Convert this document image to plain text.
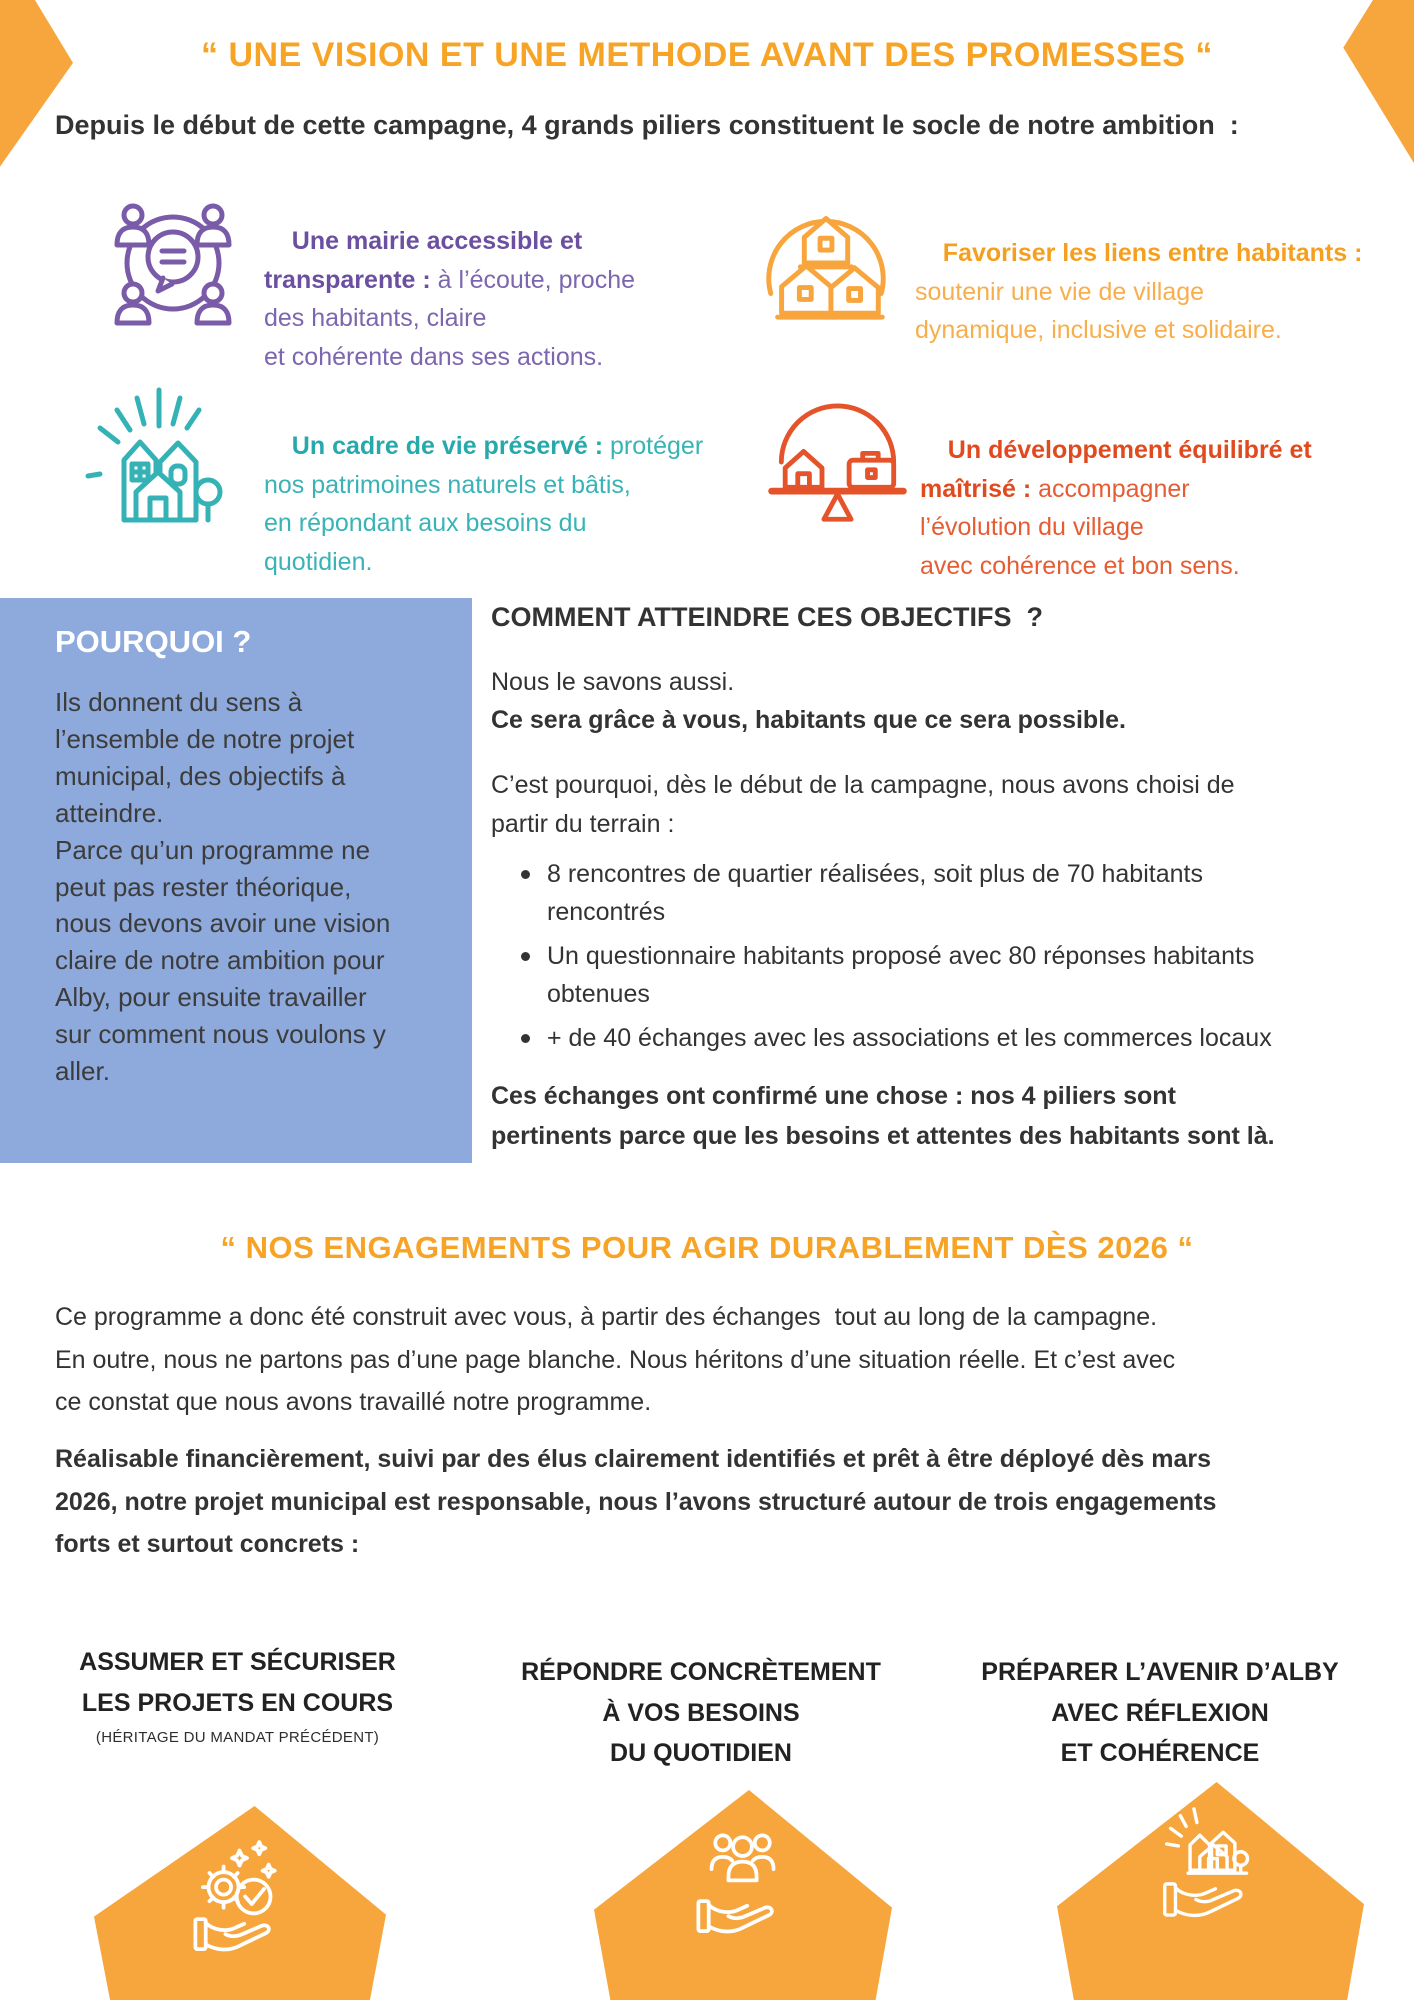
“ UNE VISION ET UNE METHODE AVANT DES PROMESSES “
Depuis le début de cette campagne, 4 grands piliers constituent le socle de notre ambition  :

Une mairie accessible et
transparente : à l’écoute, proche
des habitants, claire
et cohérente dans ses actions.

Favoriser les liens entre habitants :
soutenir une vie de village
dynamique, inclusive et solidaire.

Un cadre de vie préservé : protéger
nos patrimoines naturels et bâtis,
en répondant aux besoins du
quotidien.

Un développement équilibré et
maîtrisé : accompagner
l’évolution du village
avec cohérence et bon sens.

POURQUOI ?

Ils donnent du sens à
l’ensemble de notre projet
municipal, des objectifs à
atteindre.
Parce qu’un programme ne
peut pas rester théorique,
nous devons avoir une vision
claire de notre ambition pour
Alby, pour ensuite travailler
sur comment nous voulons y
aller.

COMMENT ATTEINDRE CES OBJECTIFS  ?
Nous le savons aussi.
Ce sera grâce à vous, habitants que ce sera possible.
C’est pourquoi, dès le début de la campagne, nous avons choisi de
partir du terrain :
8 rencontres de quartier réalisées, soit plus de 70 habitants
rencontrés
Un questionnaire habitants proposé avec 80 réponses habitants
obtenues
+ de 40 échanges avec les associations et les commerces locaux
Ces échanges ont confirmé une chose : nos 4 piliers sont
pertinents parce que les besoins et attentes des habitants sont là.
“ NOS ENGAGEMENTS POUR AGIR DURABLEMENT DÈS 2026 “
Ce programme a donc été construit avec vous, à partir des échanges  tout au long de la campagne.
En outre, nous ne partons pas d’une page blanche. Nous héritons d’une situation réelle. Et c’est avec
ce constat que nous avons travaillé notre programme.
Réalisable financièrement, suivi par des élus clairement identifiés et prêt à être déployé dès mars
2026, notre projet municipal est responsable, nous l’avons structuré autour de trois engagements
forts et surtout concrets :

ASSUMER ET SÉCURISER
LES PROJETS EN COURS

(HÉRITAGE DU MANDAT PRÉCÉDENT)

RÉPONDRE CONCRÈTEMENT
À VOS BESOINS
DU QUOTIDIEN

PRÉPARER L’AVENIR D’ALBY
AVEC RÉFLEXION
ET COHÉRENCE
